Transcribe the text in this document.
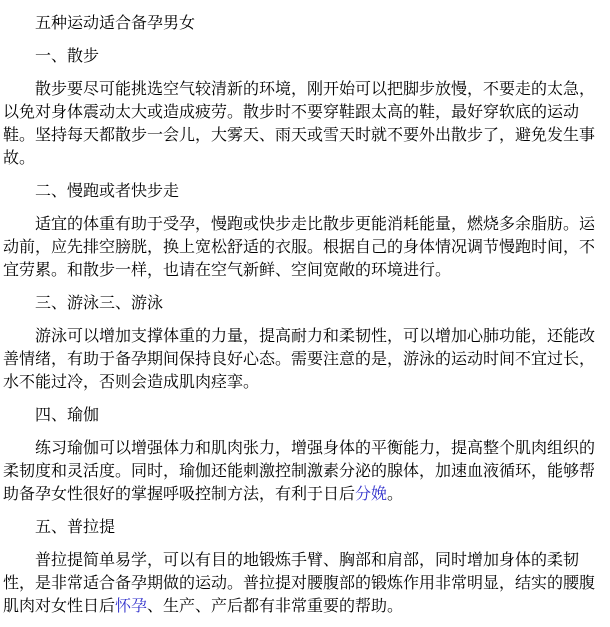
五种运动适合备孕男女

一、散步

散步要尽可能挑选空气较清新的环境，刚开始可以把脚步放慢，不要走的太急，以免对身体震动太大或造成疲劳。散步时不要穿鞋跟太高的鞋，最好穿软底的运动鞋。坚持每天都散步一会儿，大雾天、雨天或雪天时就不要外出散步了，避免发生事故。

二、慢跑或者快步走

适宜的体重有助于受孕，慢跑或快步走比散步更能消耗能量，燃烧多余脂肪。运动前，应先排空膀胱，换上宽松舒适的衣服。根据自己的身体情况调节慢跑时间，不宜劳累。和散步一样，也请在空气新鲜、空间宽敞的环境进行。

三、游泳三、游泳

游泳可以增加支撑体重的力量，提高耐力和柔韧性，可以增加心肺功能，还能改善情绪，有助于备孕期间保持良好心态。需要注意的是，游泳的运动时间不宜过长，水不能过冷，否则会造成肌肉痉挛。

四、瑜伽

练习瑜伽可以增强体力和肌肉张力，增强身体的平衡能力，提高整个肌肉组织的柔韧度和灵活度。同时，瑜伽还能刺激控制激素分泌的腺体，加速血液循环，能够帮助备孕女性很好的掌握呼吸控制方法，有利于日后分娩。

五、普拉提

普拉提简单易学，可以有目的地锻炼手臂、胸部和肩部，同时增加身体的柔韧性，是非常适合备孕期做的运动。普拉提对腰腹部的锻炼作用非常明显，结实的腰腹肌肉对女性日后怀孕、生产、产后都有非常重要的帮助。
